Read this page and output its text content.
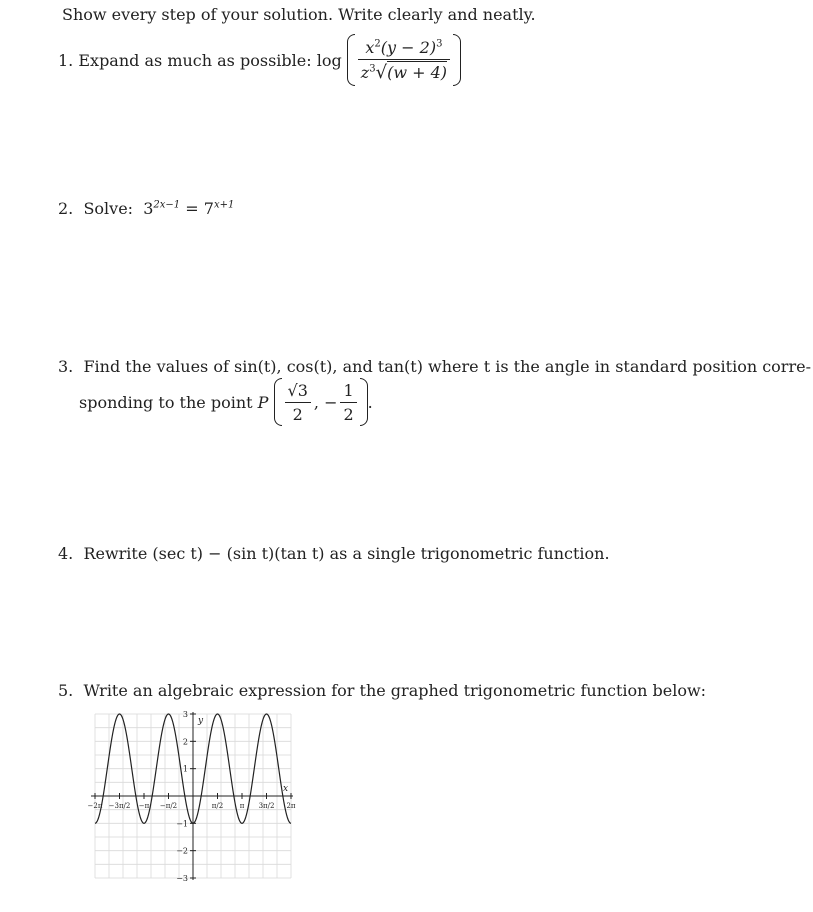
Show every step of your solution. Write clearly and neatly.
1.
Expand as much as possible:
log
$\frac{x^2(y - 2)^3}{z^3√(w + 4)}$
2. Solve: $3^{2x-1} = 7^{x+1}$
3. Find the values of sin(t), cos(t), and tan(t) where t is the angle in standard position corre-
sponding to the point
P
$\frac{√3}{2}$ ,
− $\frac{1}{2}$ .
4. Rewrite (sec t) − (sin t)(tan t) as a single trigonometric function.
5. Write an algebraic expression for the graphed trigonometric function below:
−2π −3π/2 −π −π/2	π/2 π 3π/2 2π
−3
−2
−1
1
2
3
x
y
